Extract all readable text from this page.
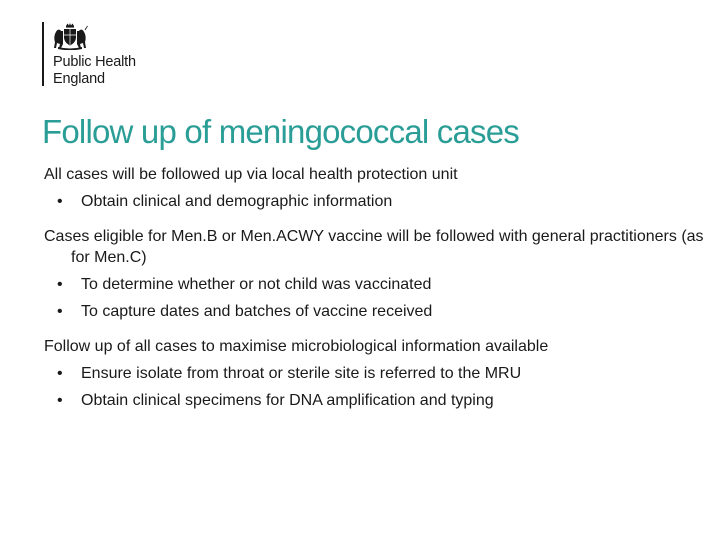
Public Health
England
Follow up of meningococcal cases

All cases will be followed up via local health protection unit

• Obtain clinical and demographic information

Cases eligible for Men.B or Men.ACWY vaccine will be followed with general practitioners (as for Men.C)

• To determine whether or not child was vaccinated
• To capture dates and batches of vaccine received

Follow up of all cases to maximise microbiological information available

• Ensure isolate from throat or sterile site is referred to the MRU
• Obtain clinical specimens for DNA amplification and typing
